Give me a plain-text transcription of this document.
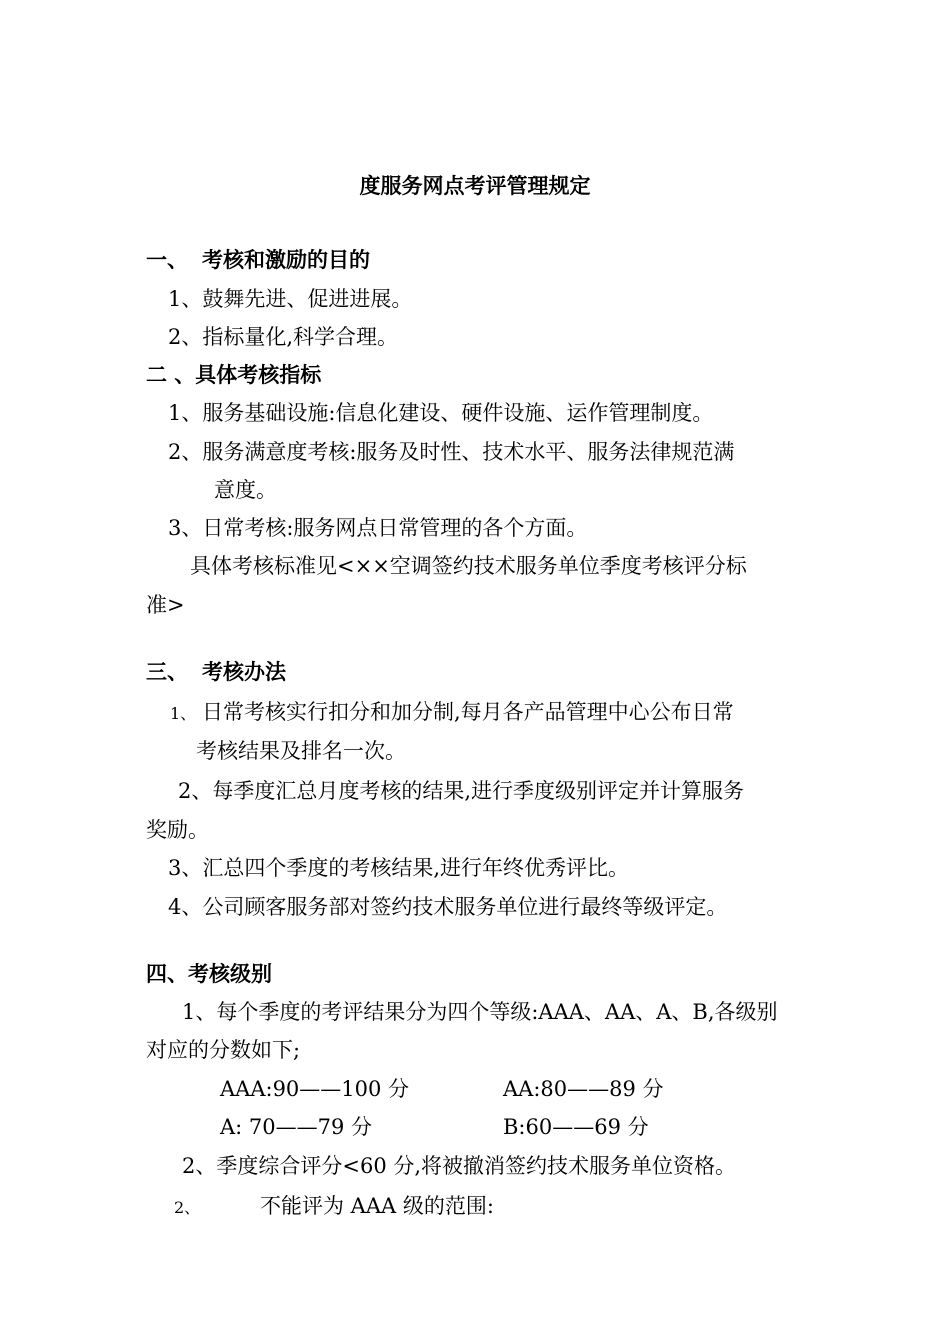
度服务网点考评管理规定
一、 考核和激励的目的
1、鼓舞先进、促进进展。
2、指标量化,科学合理。
二 、具体考核指标
1、服务基础设施:信息化建设、硬件设施、运作管理制度。
2、服务满意度考核:服务及时性、技术水平、服务法律规范满
意度。
3、日常考核:服务网点日常管理的各个方面。
具体考核标准见<××空调签约技术服务单位季度考核评分标
准>
三、 考核办法
1、 日常考核实行扣分和加分制,每月各产品管理中心公布日常
考核结果及排名一次。
2、每季度汇总月度考核的结果,进行季度级别评定并计算服务
奖励。
3、汇总四个季度的考核结果,进行年终优秀评比。
4、公司顾客服务部对签约技术服务单位进行最终等级评定。
四、考核级别
1、每个季度的考评结果分为四个等级:AAA、AA、A、B,各级别
对应的分数如下;
AAA:90——100 分	AA:80——89 分
A: 70——79 分	B:60——69 分
2、季度综合评分<60 分,将被撤消签约技术服务单位资格。
2、	不能评为 AAA 级的范围:
